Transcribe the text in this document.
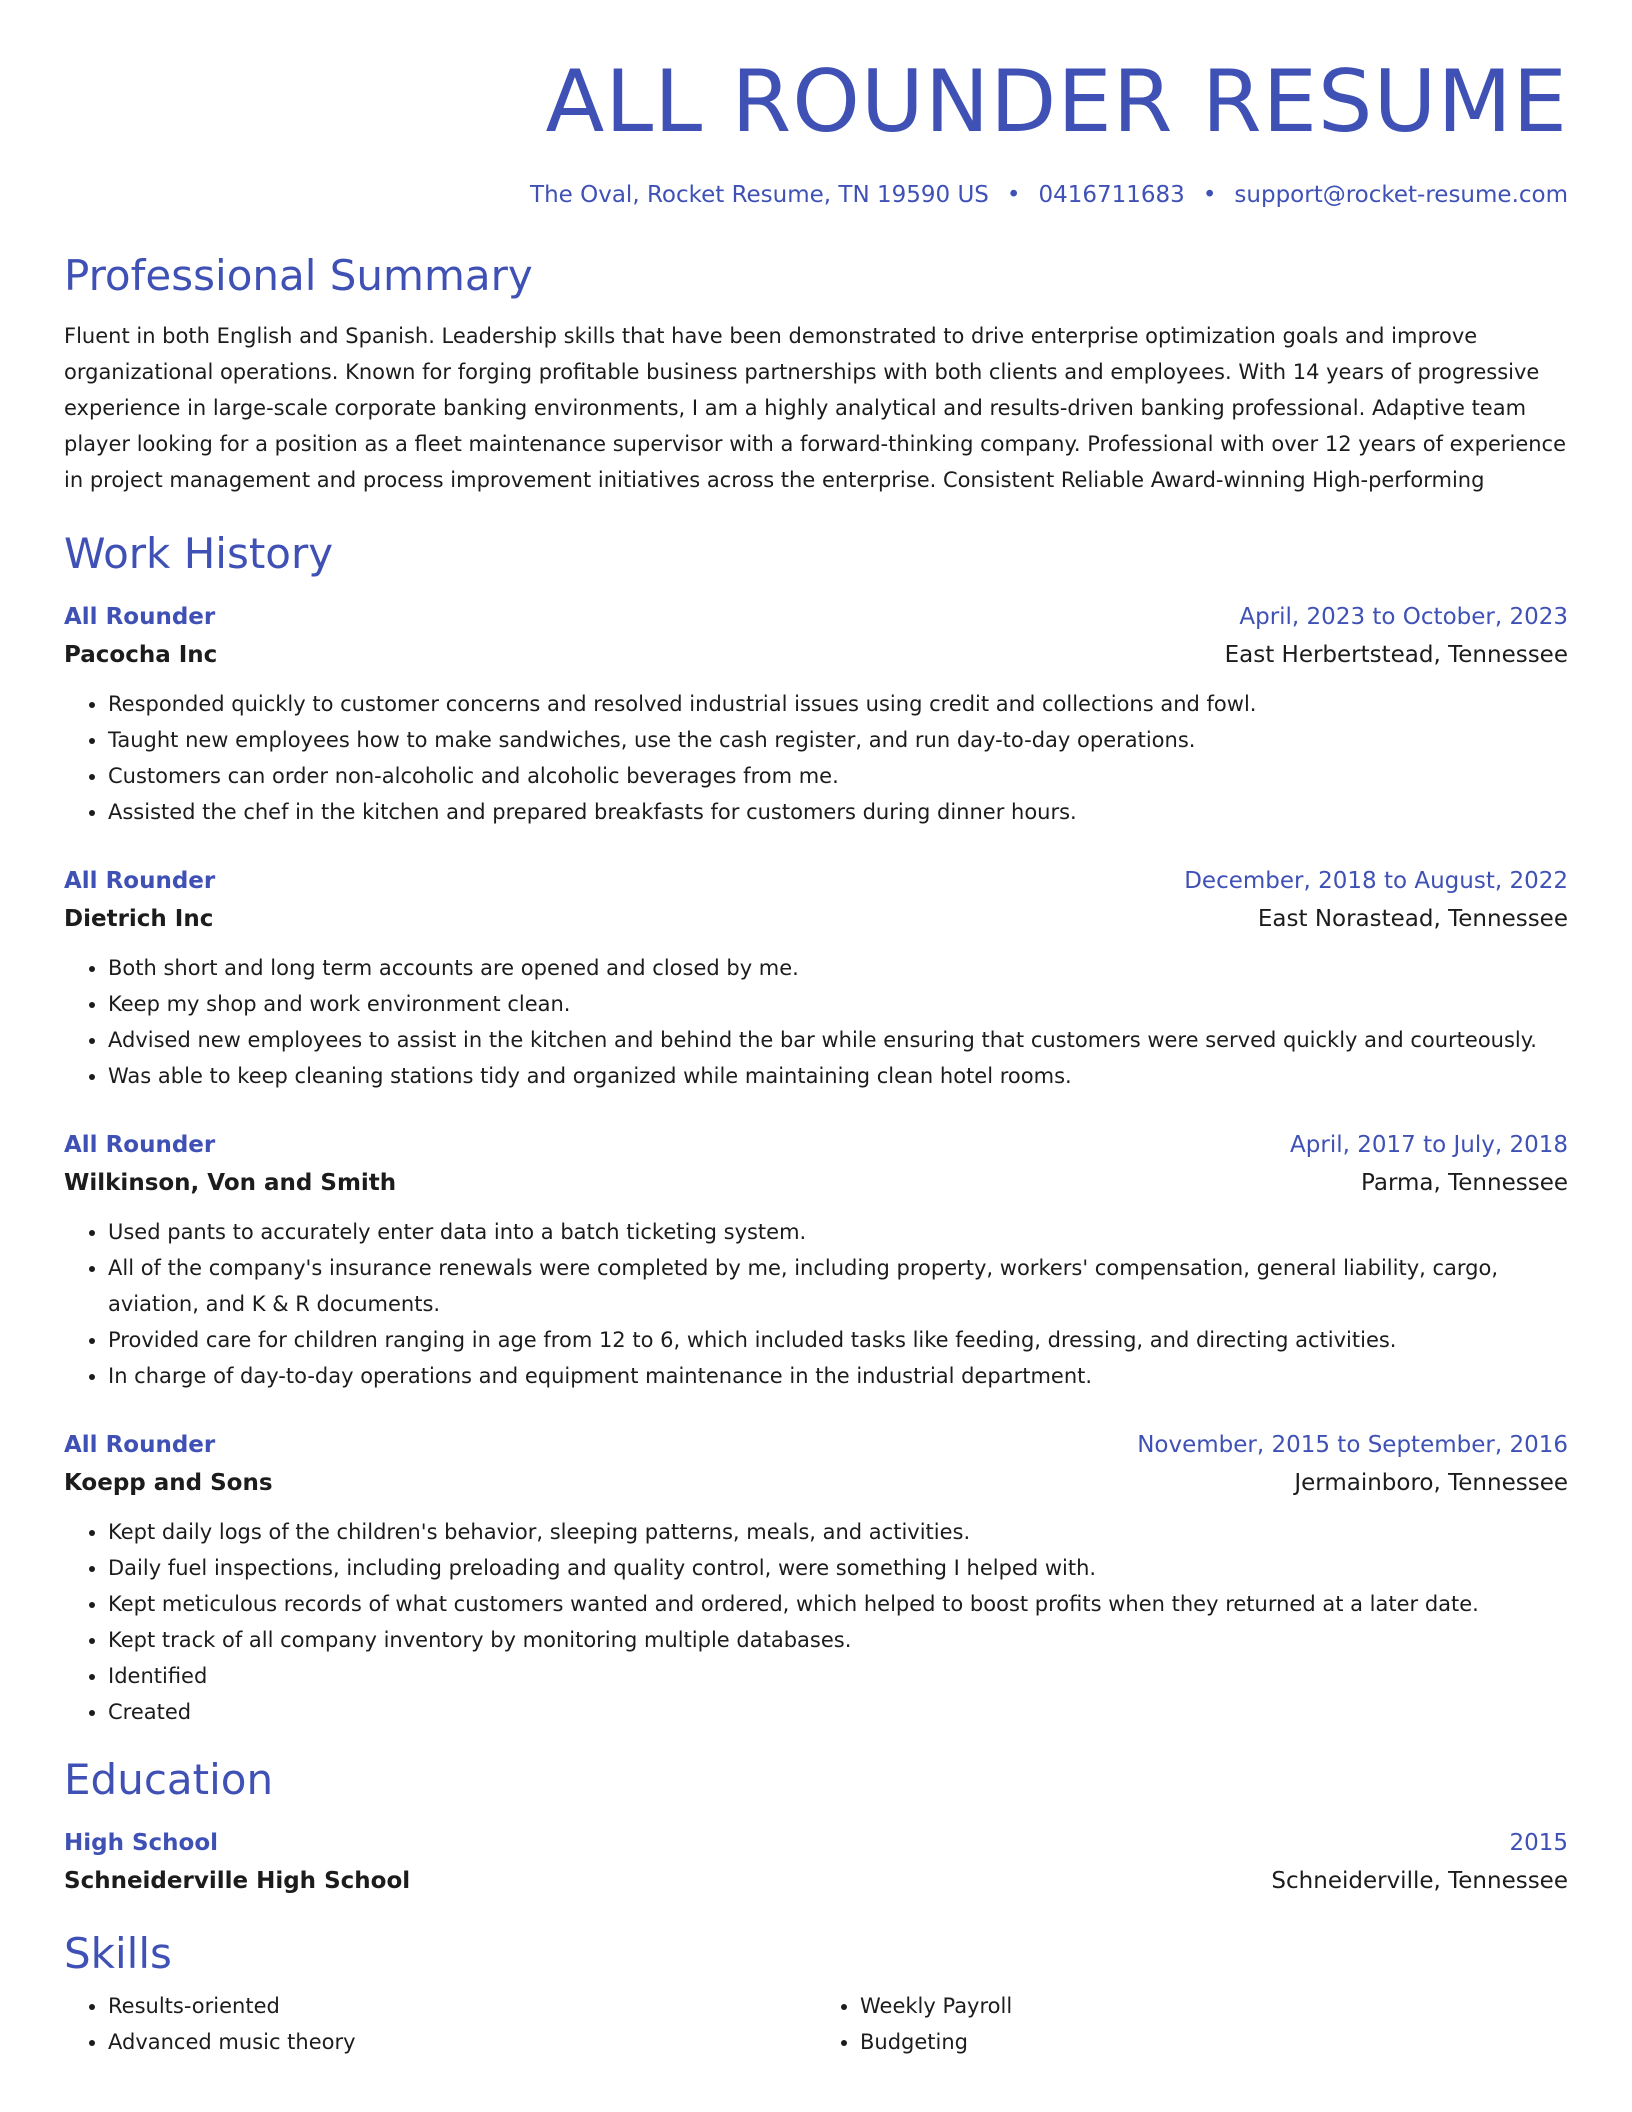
ALL ROUNDER RESUME
The Oval, Rocket Resume, TN 19590 US • 0416711683 • support@rocket-resume.com
Professional Summary

Fluent in both English and Spanish. Leadership skills that have been demonstrated to drive enterprise optimization goals and improve organizational operations. Known for forging profitable business partnerships with both clients and employees. With 14 years of progressive experience in large-scale corporate banking environments, I am a highly analytical and results-driven banking professional. Adaptive team player looking for a position as a fleet maintenance supervisor with a forward-thinking company. Professional with over 12 years of experience in project management and process improvement initiatives across the enterprise. Consistent Reliable Award-winning High-performing

Work History
All Rounder	April, 2023 to October, 2023
Pacocha Inc	East Herbertstead, Tennessee
• Responded quickly to customer concerns and resolved industrial issues using credit and collections and fowl.
• Taught new employees how to make sandwiches, use the cash register, and run day-to-day operations.
• Customers can order non-alcoholic and alcoholic beverages from me.
• Assisted the chef in the kitchen and prepared breakfasts for customers during dinner hours.
All Rounder	December, 2018 to August, 2022
Dietrich Inc	East Norastead, Tennessee
• Both short and long term accounts are opened and closed by me.
• Keep my shop and work environment clean.
• Advised new employees to assist in the kitchen and behind the bar while ensuring that customers were served quickly and courteously.
• Was able to keep cleaning stations tidy and organized while maintaining clean hotel rooms.
All Rounder	April, 2017 to July, 2018
Wilkinson, Von and Smith	Parma, Tennessee
• Used pants to accurately enter data into a batch ticketing system.
• All of the company's insurance renewals were completed by me, including property, workers' compensation, general liability, cargo, aviation, and K & R documents.
• Provided care for children ranging in age from 12 to 6, which included tasks like feeding, dressing, and directing activities.
• In charge of day-to-day operations and equipment maintenance in the industrial department.
All Rounder	November, 2015 to September, 2016
Koepp and Sons	Jermainboro, Tennessee
• Kept daily logs of the children's behavior, sleeping patterns, meals, and activities.
• Daily fuel inspections, including preloading and quality control, were something I helped with.
• Kept meticulous records of what customers wanted and ordered, which helped to boost profits when they returned at a later date.
• Kept track of all company inventory by monitoring multiple databases.
• Identified
• Created
Education
High School	2015
Schneiderville High School	Schneiderville, Tennessee
Skills
• Results-oriented
• Advanced music theory
• Weekly Payroll
• Budgeting
